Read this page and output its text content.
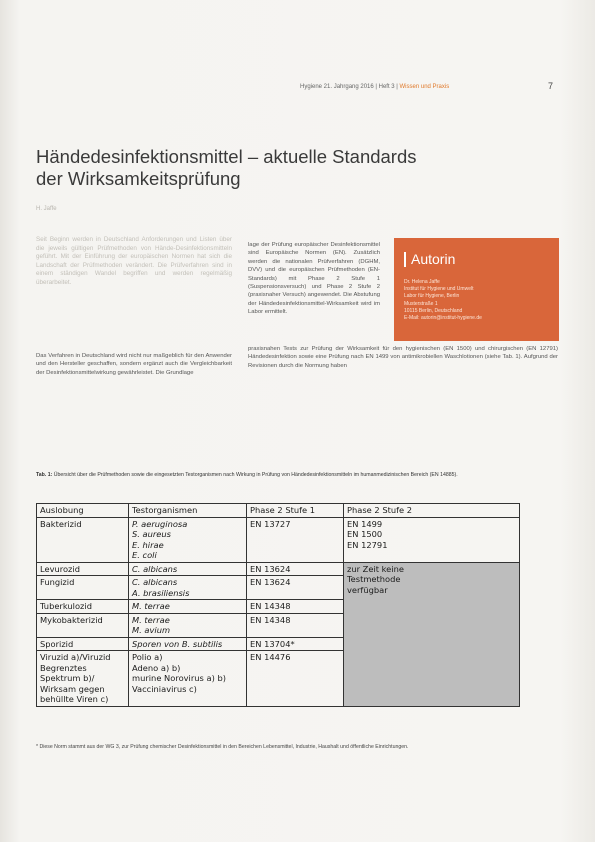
Hygiene 21. Jahrgang 2016 | Heft 3 | Wissen und Praxis	7
Händedesinfektionsmittel – aktuelle Standards
der Wirksamkeitsprüfung
H. Jaffe
Seit Beginn werden in Deutschland Anforderungen und Listen über die jeweils gültigen Prüfmethoden von Hände-Desinfektionsmitteln geführt. Mit der Einführung der europäischen Normen hat sich die Landschaft der Prüfmethoden verändert. Die Prüfverfahren sind in einem ständigen Wandel begriffen und werden regelmäßig überarbeitet.
Das Verfahren in Deutschland wird nicht nur maßgeblich für den Anwender und den Hersteller geschaffen, sondern ergänzt auch die Vergleichbarkeit der Desinfektionsmittelwirkung gewährleistet. Die Grundlage
lage der Prüfung europäischer Desinfektionsmittel sind Europäische Normen (EN). Zusätzlich werden die nationalen Prüfverfahren (DGHM, DVV) und die europäischen Prüfmethoden (EN-Standards) mit Phase 2 Stufe 1 (Suspensionsversuch) und Phase 2 Stufe 2 (praxisnaher Versuch) angewendet. Die Abstufung der Händedesinfektionsmittel-Wirksamkeit wird im Labor ermittelt.
praxisnahen Tests zur Prüfung der Wirksamkeit für den hygienischen (EN 1500) und chirurgischen (EN 12791) Händedesinfektion sowie eine Prüfung nach EN 1499 von antimikrobiellen Waschlotionen (siehe Tab. 1). Aufgrund der Revisionen durch die Normung haben
Autorin
Dr. Helena Jaffe
Institut für Hygiene und Umwelt
Labor für Hygiene, Berlin
Musterstraße 1
10115 Berlin, Deutschland
E-Mail: autorin@institut-hygiene.de
Tab. 1: Übersicht über die Prüfmethoden sowie die eingesetzten Testorganismen nach Wirkung in Prüfung von Händedesinfektionsmitteln im humanmedizinischen Bereich (EN 14885).
Auslobung	Testorganismen	Phase 2 Stufe 1	Phase 2 Stufe 2
Bakterizid	P. aeruginosa
S. aureus
E. hirae
E. coli	EN 13727	EN 1499
EN 1500
EN 12791
Levurozid	C. albicans	EN 13624	zur Zeit keine Testmethode verfügbar

Fungizid	C. albicans
A. brasiliensis	EN 13624	
Tuberkulozid	M. terrae	EN 14348	
Mykobakterizid	M. terrae
M. avium	EN 14348	
Sporizid	Sporen von B. subtilis	EN 13704*	
Viruzid a)/Viruzid
Begrenztes
Spektrum b)/
Wirksam gegen
behüllte Viren c)	Polio a)
Adeno a) b)
murine Norovirus a) b)
Vacciniavirus c)	EN 14476	
* Diese Norm stammt aus der WG 3, zur Prüfung chemischer Desinfektionsmittel in den Bereichen Lebensmittel, Industrie, Haushalt und öffentliche Einrichtungen.
